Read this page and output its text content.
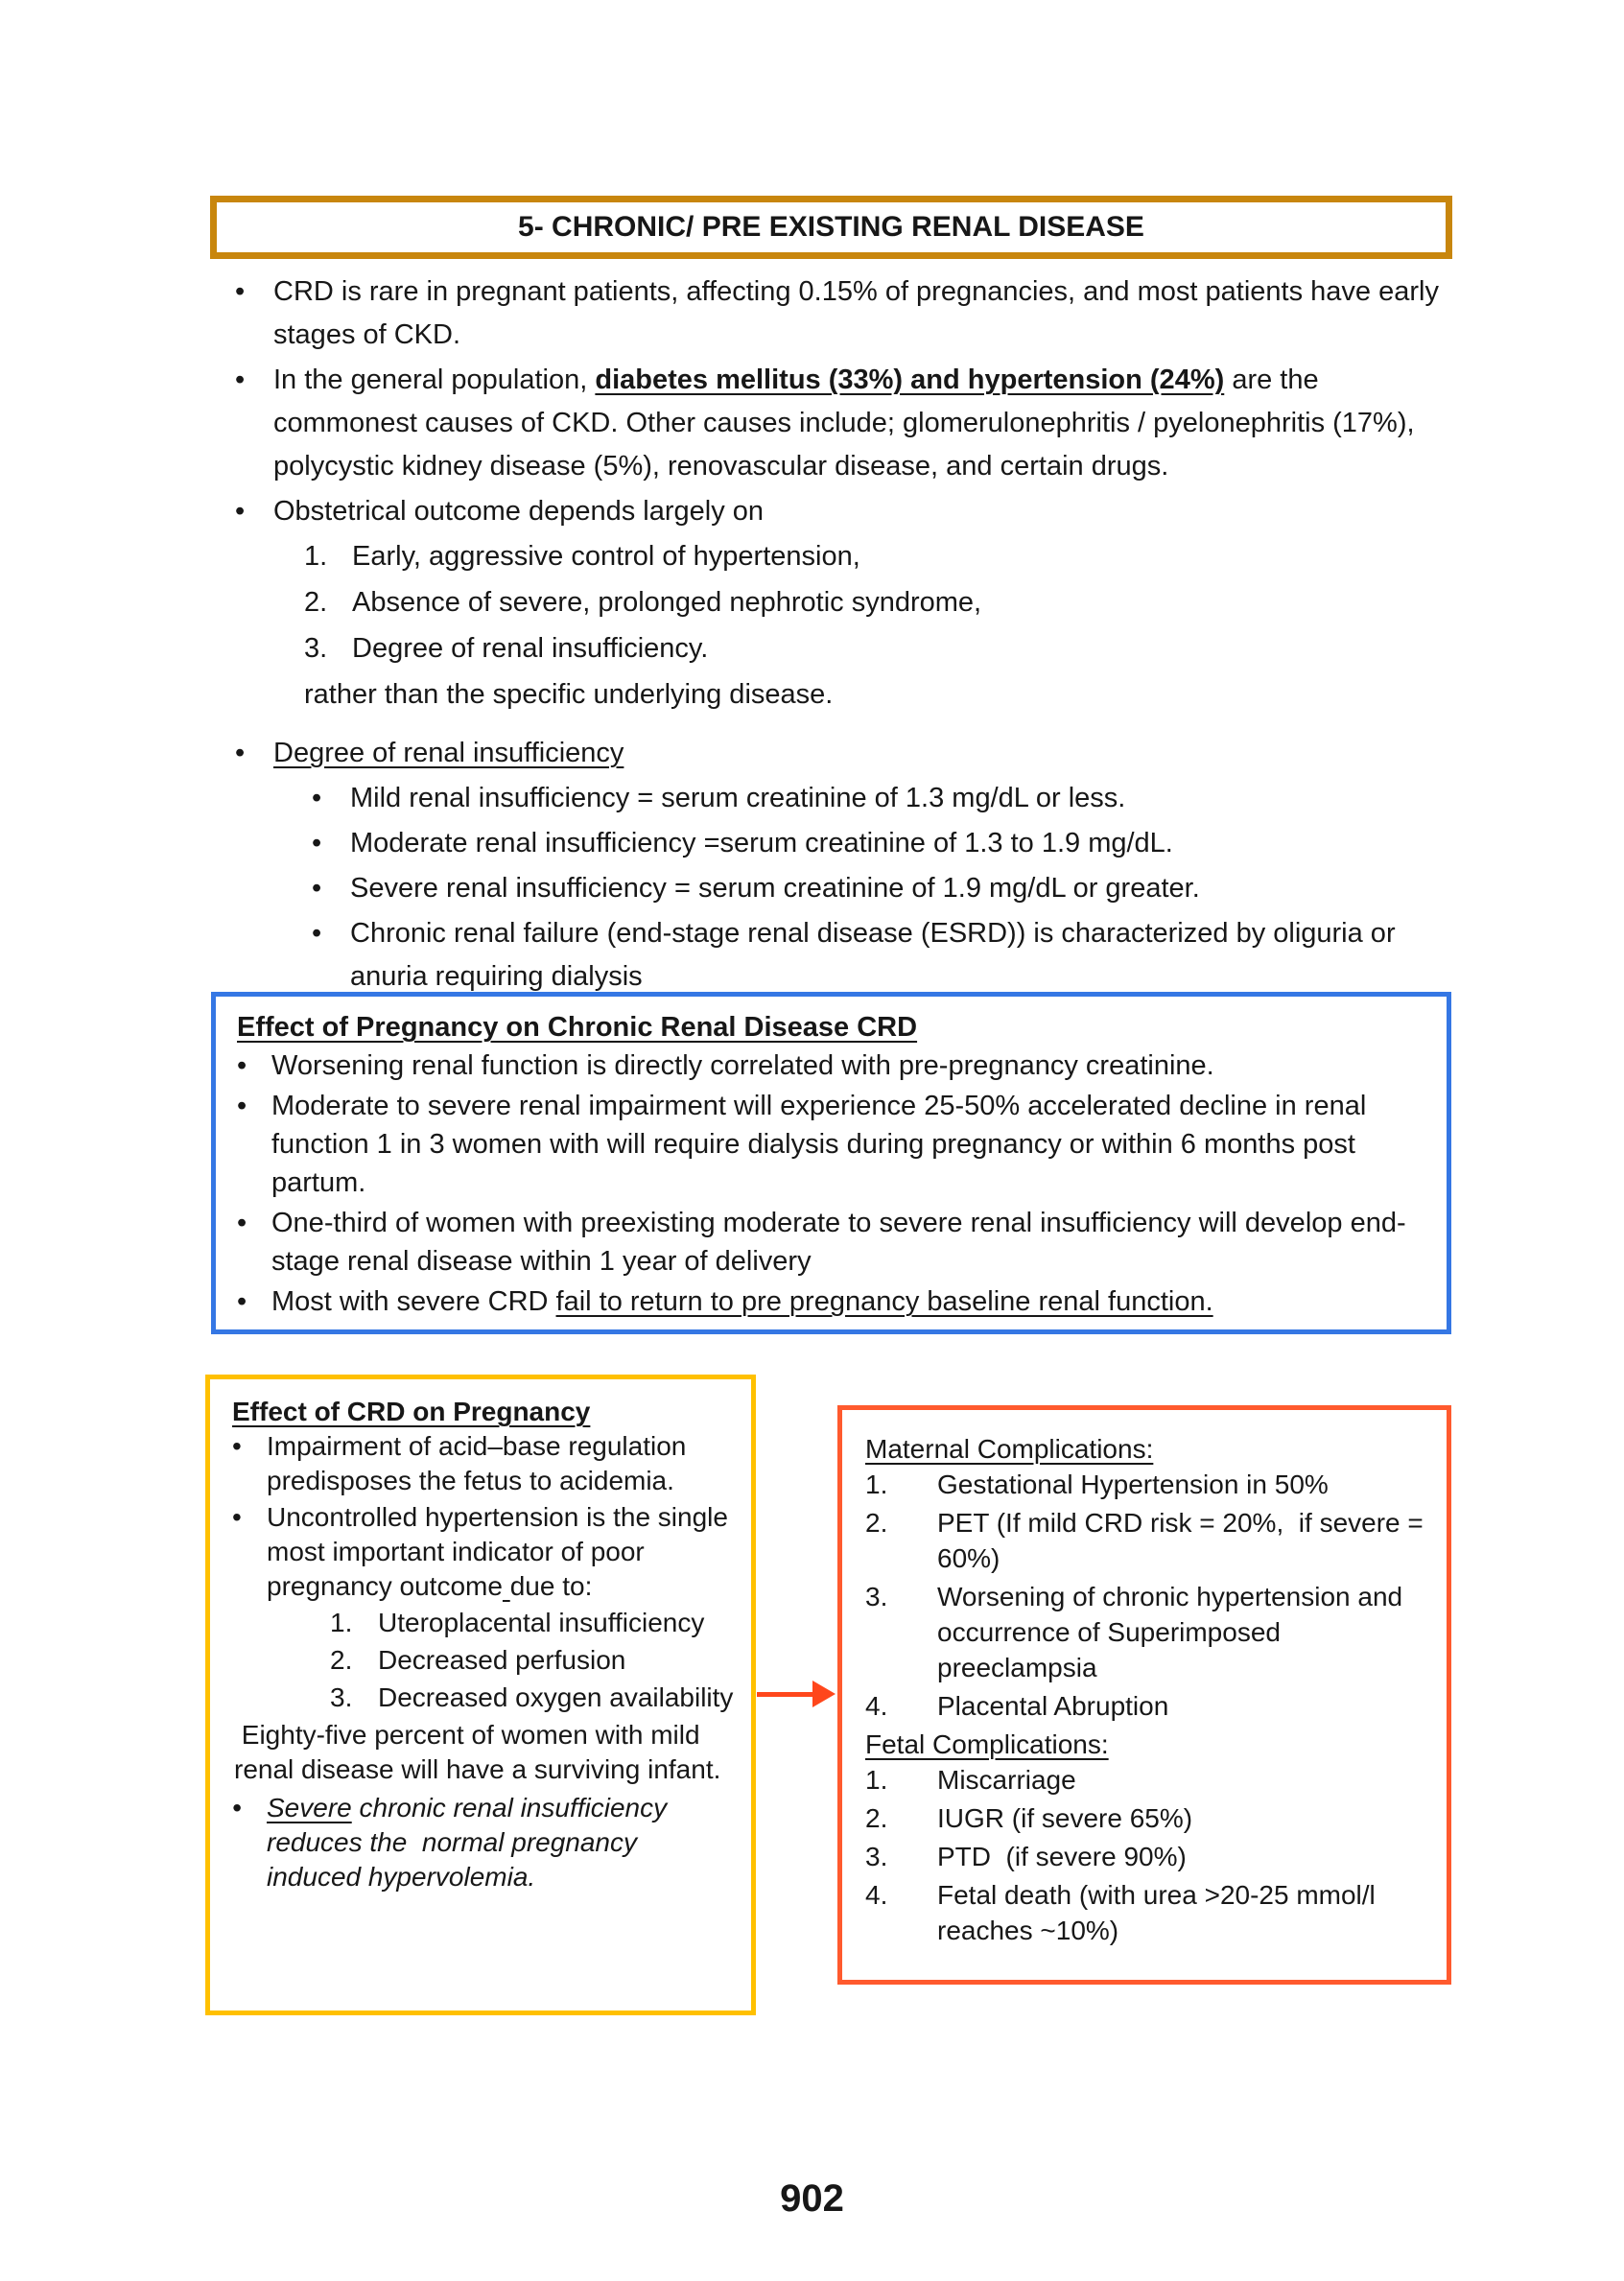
5- CHRONIC/ PRE EXISTING RENAL DISEASE
•	CRD is rare in pregnant patients, affecting 0.15% of pregnancies, and most patients have early stages of CKD.

•	In the general population, diabetes mellitus (33%) and hypertension (24%) are the commonest causes of CKD. Other causes include; glomerulonephritis / pyelonephritis (17%), polycystic kidney disease (5%), renovascular disease, and certain drugs.

•	Obstetrical outcome depends largely on

Early, aggressive control of hypertension,
Absence of severe, prolonged nephrotic syndrome,
Degree of renal insufficiency.

rather than the specific underlying disease.

•	Degree of renal insufficiency

•	Mild renal insufficiency = serum creatinine of 1.3 mg/dL or less.

•	Moderate renal insufficiency =serum creatinine of 1.3 to 1.9 mg/dL.

•	Severe renal insufficiency = serum creatinine of 1.9 mg/dL or greater.

•	Chronic renal failure (end-stage renal disease (ESRD)) is characterized by oliguria or anuria requiring dialysis

Effect of Pregnancy on Chronic Renal Disease CRD

• Worsening renal function is directly correlated with pre-pregnancy creatinine.

• Moderate to severe renal impairment will experience 25-50% accelerated decline in renal function 1 in 3 women with will require dialysis during pregnancy or within 6 months post partum.

• One-third of women with preexisting moderate to severe renal insufficiency will develop end-stage renal disease within 1 year of delivery

• Most with severe CRD fail to return to pre pregnancy baseline renal function.

Effect of CRD on Pregnancy

• Impairment of acid–base regulation predisposes the fetus to acidemia.

• Uncontrolled hypertension is the single most important indicator of poor pregnancy outcome due to:

Uteroplacental insufficiency
Decreased perfusion
Decreased oxygen availability

Eighty-five percent of women with mild renal disease will have a surviving infant.

• Severe chronic renal insufficiency reduces the  normal pregnancy induced hypervolemia.

Maternal Complications:

Gestational Hypertension in 50%
PET (If mild CRD risk = 20%,  if severe = 60%)
Worsening of chronic hypertension and occurrence of Superimposed preeclampsia
Placental Abruption

Fetal Complications:

Miscarriage
IUGR (if severe 65%)
PTD  (if severe 90%)
Fetal death (with urea >20-25 mmol/l reaches ~10%)
902
